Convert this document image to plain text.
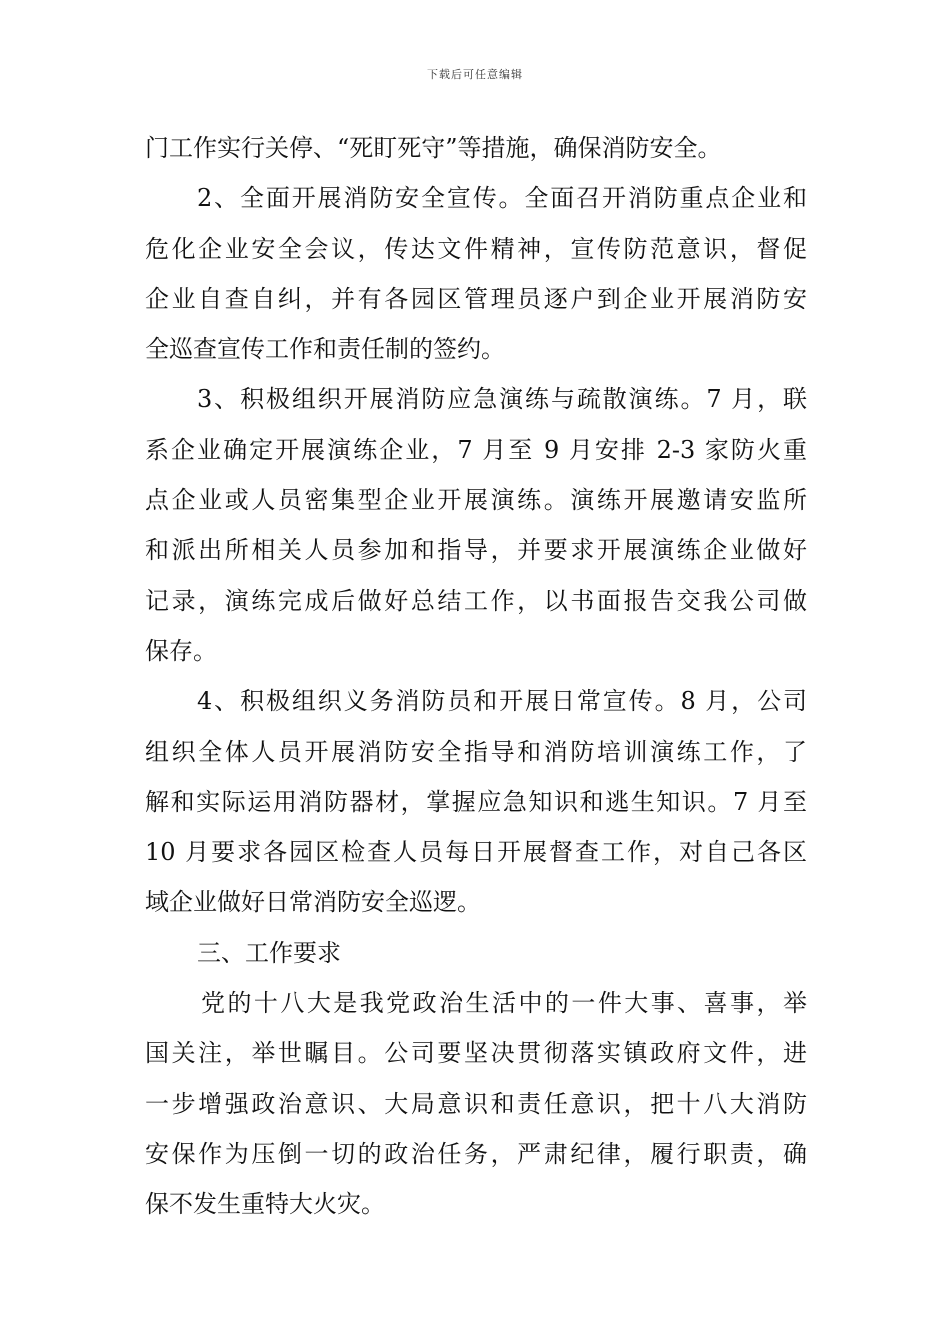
下载后可任意编辑
门工作实行关停、“死盯死守”等措施，确保消防安全。
2、全面开展消防安全宣传。全面召开消防重点企业和
危化企业安全会议，传达文件精神，宣传防范意识，督促
企业自查自纠，并有各园区管理员逐户到企业开展消防安
全巡查宣传工作和责任制的签约。
3、积极组织开展消防应急演练与疏散演练。7 月，联
系企业确定开展演练企业，7 月至 9 月安排 2-3 家防火重
点企业或人员密集型企业开展演练。演练开展邀请安监所
和派出所相关人员参加和指导，并要求开展演练企业做好
记录，演练完成后做好总结工作，以书面报告交我公司做
保存。
4、积极组织义务消防员和开展日常宣传。8 月，公司
组织全体人员开展消防安全指导和消防培训演练工作，了
解和实际运用消防器材，掌握应急知识和逃生知识。7 月至
10 月要求各园区检查人员每日开展督查工作，对自己各区
域企业做好日常消防安全巡逻。
三、工作要求
党的十八大是我党政治生活中的一件大事、喜事，举
国关注，举世瞩目。公司要坚决贯彻落实镇政府文件，进
一步增强政治意识、大局意识和责任意识，把十八大消防
安保作为压倒一切的政治任务，严肃纪律，履行职责，确
保不发生重特大火灾。
